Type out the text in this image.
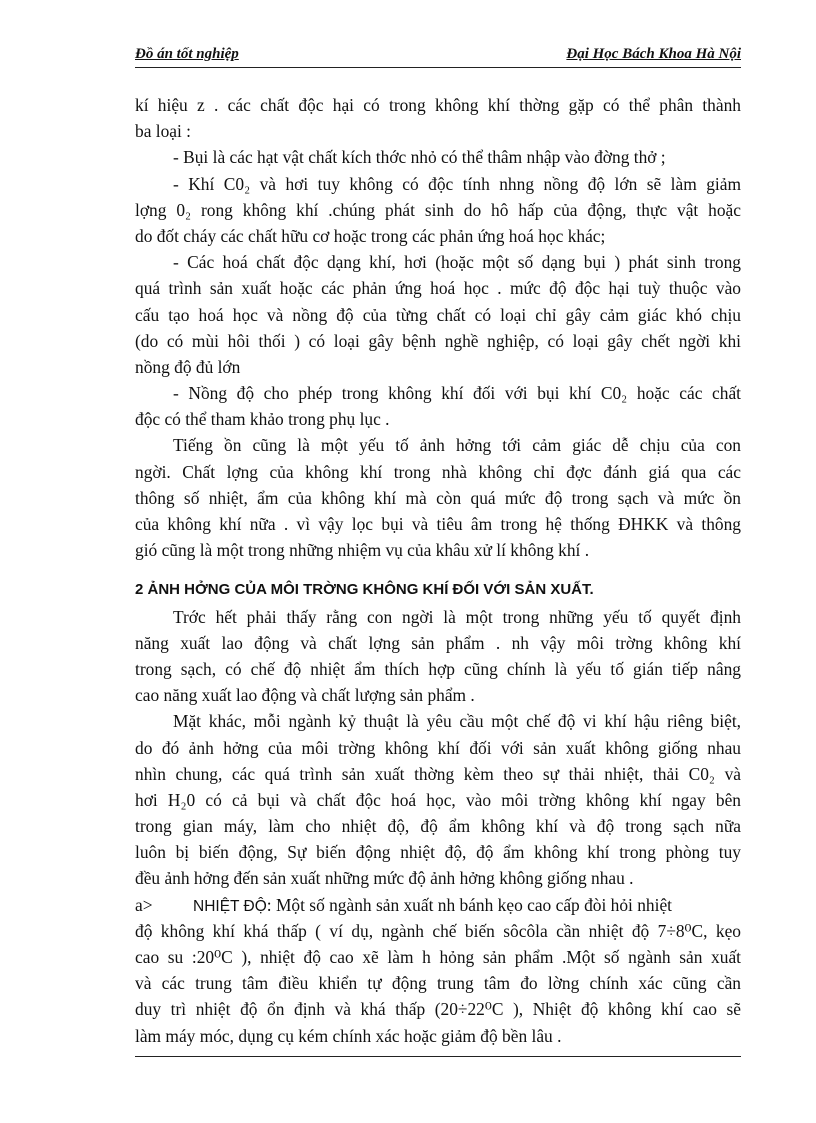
Đồ án tốt nghiệp	Đại Học Bách Khoa Hà Nội
kí hiệu z . các chất độc hại có trong không khí thờng gặp có thể phân thành
ba loại :
- Bụi là các hạt vật chất kích thớc nhỏ có thể thâm nhập vào đờng thở ;
- Khí C0₂ và hơi tuy không có độc tính nhng nồng độ lớn sẽ làm giảm
lợng 0₂ rong không khí .chúng phát sinh do hô hấp của động, thực vật hoặc
do đốt cháy các chất hữu cơ hoặc trong các phản ứng hoá học khác;
- Các hoá chất độc dạng khí, hơi (hoặc một số dạng bụi ) phát sinh trong
quá trình sản xuất hoặc các phản ứng hoá học . mức độ độc hại tuỳ thuộc vào
cấu tạo hoá học và nồng độ của từng chất có loại chỉ gây cảm giác khó chịu
(do có mùi hôi thối ) có loại gây bệnh nghề nghiệp, có loại gây chết ngời khi
nồng độ đủ lớn
- Nồng độ cho phép trong không khí đối với bụi khí C0₂ hoặc các chất
độc có thể tham khảo trong phụ lục .
Tiếng ồn cũng là một yếu tố ảnh hởng tới cảm giác dễ chịu của con
ngời. Chất lợng của không khí trong nhà không chỉ đợc đánh giá qua các
thông số nhiệt, ẩm của không khí mà còn quá mức độ trong sạch và mức ồn
của không khí nữa . vì vậy lọc bụi và tiêu âm trong hệ thống ĐHKK và thông
gió cũng là một trong những nhiệm vụ của khâu xử lí không khí .
2 ẢNH HỞNG CỦA MÔI TRỜNG KHÔNG KHÍ ĐỐI VỚI SẢN XUẤT.
Trớc hết phải thấy rằng con ngời là một trong những yếu tố quyết định
năng xuất lao động và chất lợng sản phẩm . nh vậy môi trờng không khí
trong sạch, có chế độ nhiệt ẩm thích hợp cũng chính là yếu tố gián tiếp nâng
cao năng xuất lao động và chất lượng sản phẩm .
Mặt khác, mỗi ngành kỷ thuật là yêu cầu một chế độ vi khí hậu riêng biệt,
do đó ảnh hởng của môi trờng không khí đối với sản xuất không giống nhau
nhìn chung, các quá trình sản xuất thờng kèm theo sự thải nhiệt, thải C0₂ và
hơi H₂0 có cả bụi và chất độc hoá học, vào môi trờng không khí ngay bên
trong gian máy, làm cho nhiệt độ, độ ẩm không khí và độ trong sạch nữa
luôn bị biến động, Sự biến động nhiệt độ, độ ẩm không khí trong phòng tuy
đều ảnh hởng đến sản xuất những mức độ ảnh hởng không giống nhau .
a>	NHIỆT ĐỘ: Một số ngành sản xuất nh bánh kẹo cao cấp đòi hỏi nhiệt
độ không khí khá thấp ( ví dụ, ngành chế biến sôcôla cần nhiệt độ 7÷8⁰C, kẹo
cao su :20⁰C ), nhiệt độ cao xẽ làm h hỏng sản phẩm .Một số ngành sản xuất
và các trung tâm điều khiển tự động trung tâm đo lờng chính xác cũng cần
duy trì nhiệt độ ổn định và khá thấp (20÷22⁰C ), Nhiệt độ không khí cao sẽ
làm máy móc, dụng cụ kém chính xác hoặc giảm độ bền lâu .
